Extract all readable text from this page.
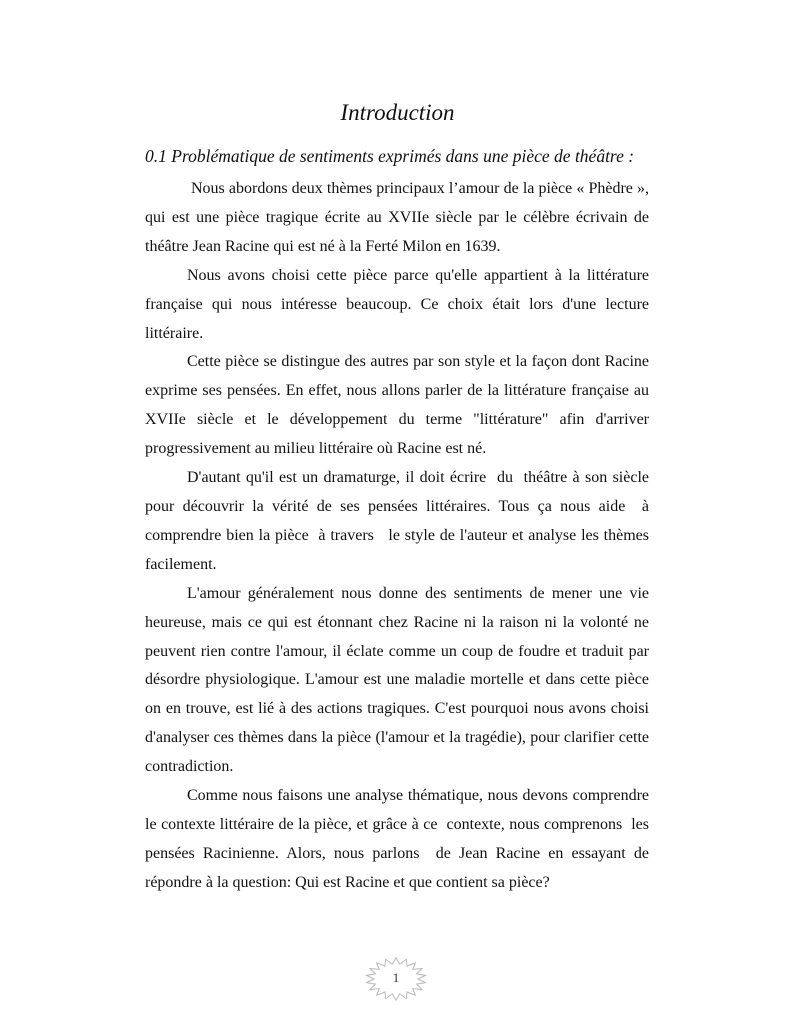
Introduction
0.1 Problématique de sentiments exprimés dans une pièce de théâtre :

Nous abordons deux thèmes principaux l’amour de la pièce « Phèdre », qui est une pièce tragique écrite au XVIIe siècle par le célèbre écrivain de théâtre Jean Racine qui est né à la Ferté Milon en 1639.

Nous avons choisi cette pièce parce qu'elle appartient à la littérature française qui nous intéresse beaucoup. Ce choix était lors d'une lecture littéraire.

Cette pièce se distingue des autres par son style et la façon dont Racine exprime ses pensées. En effet, nous allons parler de la littérature française au XVIIe siècle et le développement du terme "littérature" afin d'arriver progressivement au milieu littéraire où Racine est né.

D'autant qu'il est un dramaturge, il doit écrire  du  théâtre à son siècle pour découvrir la vérité de ses pensées littéraires. Tous ça nous aide  à  comprendre bien la pièce  à travers   le style de l'auteur et analyse les thèmes facilement.

L'amour généralement nous donne des sentiments de mener une vie heureuse, mais ce qui est étonnant chez Racine ni la raison ni la volonté ne peuvent rien contre l'amour, il éclate comme un coup de foudre et traduit par désordre physiologique. L'amour est une maladie mortelle et dans cette pièce on en trouve, est lié à des actions tragiques. C'est pourquoi nous avons choisi d'analyser ces thèmes dans la pièce (l'amour et la tragédie), pour clarifier cette contradiction.

Comme nous faisons une analyse thématique, nous devons comprendre le contexte littéraire de la pièce, et grâce à ce  contexte, nous comprenons  les pensées Racinienne. Alors, nous parlons  de Jean Racine en essayant de répondre à la question: Qui est Racine et que contient sa pièce?

1
